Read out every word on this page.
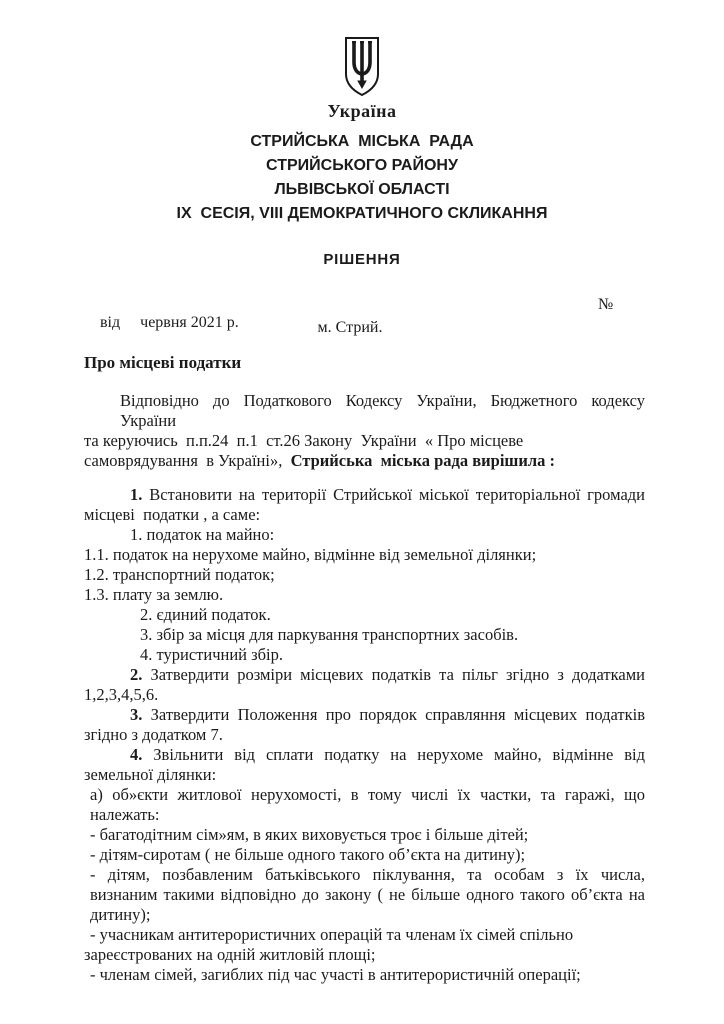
Україна
СТРИЙСЬКА  МІСЬКА  РАДА
СТРИЙСЬКОГО РАЙОНУ
ЛЬВІВСЬКОЇ ОБЛАСТІ
IX  СЕСІЯ, VIII ДЕМОКРАТИЧНОГО СКЛИКАННЯ
РІШЕННЯ

від     червня 2021 р.

№

м. Стрий.
Про місцеві податки
Відповідно до Податкового Кодексу України, Бюджетного кодексу України
та керуючись  п.п.24  п.1  ст.26 Закону  України  « Про місцеве
самоврядування  в Україні»,  Стрийська  міська рада вирішила :
1. Встановити на території Стрийської міської територіальної громади
місцеві  податки , а саме:
1. податок на майно:
1.1. податок на нерухоме майно, відмінне від земельної ділянки;
1.2. транспортний податок;
1.3. плату за землю.
2. єдиний податок.
3. збір за місця для паркування транспортних засобів.
4. туристичний збір.
2. Затвердити розміри місцевих податків та пільг згідно з додатками
1,2,3,4,5,6.
3. Затвердити Положення про порядок справляння місцевих податків
згідно з додатком 7.
4. Звільнити від сплати податку на нерухоме майно, відмінне від
земельної ділянки:
а) об»єкти житлової нерухомості, в тому числі їх частки, та гаражі, що
належать:
- багатодітним сім»ям, в яких виховується троє і більше дітей;
- дітям-сиротам ( не більше одного такого об’єкта на дитину);
- дітям, позбавленим батьківського піклування, та особам з їх числа,
визнаним такими відповідно до закону ( не більше одного такого об’єкта на
дитину);
- учасникам антитерористичних операцій та членам їх сімей спільно
зареєстрованих на одній житловій площі;
- членам сімей, загиблих під час участі в антитерористичній операції;
